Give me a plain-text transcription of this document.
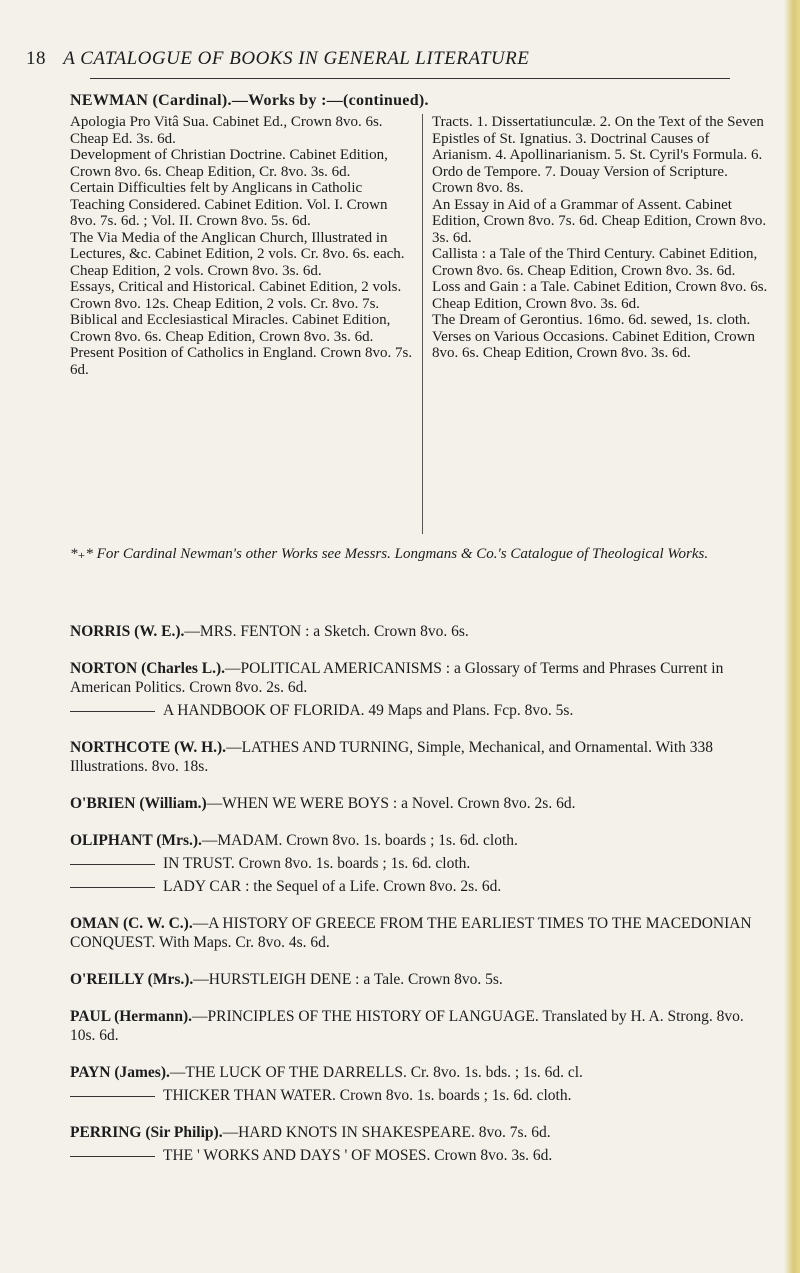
18 A CATALOGUE OF BOOKS IN GENERAL LITERATURE
NEWMAN (Cardinal).—Works by :—(continued).

Apologia Pro Vitâ Sua. Cabinet Ed., Crown 8vo. 6s. Cheap Ed. 3s. 6d.

Development of Christian Doctrine. Cabinet Edition, Crown 8vo. 6s. Cheap Edition, Cr. 8vo. 3s. 6d.

Certain Difficulties felt by Anglicans in Catholic Teaching Considered. Cabinet Edition. Vol. I. Crown 8vo. 7s. 6d. ; Vol. II. Crown 8vo. 5s. 6d.

The Via Media of the Anglican Church, Illustrated in Lectures, &c. Cabinet Edition, 2 vols. Cr. 8vo. 6s. each. Cheap Edition, 2 vols. Crown 8vo. 3s. 6d.

Essays, Critical and Historical. Cabinet Edition, 2 vols. Crown 8vo. 12s. Cheap Edition, 2 vols. Cr. 8vo. 7s.

Biblical and Ecclesiastical Miracles. Cabinet Edition, Crown 8vo. 6s. Cheap Edition, Crown 8vo. 3s. 6d.

Present Position of Catholics in England. Crown 8vo. 7s. 6d.

Tracts. 1. Dissertatiunculæ. 2. On the Text of the Seven Epistles of St. Ignatius. 3. Doctrinal Causes of Arianism. 4. Apollinarianism. 5. St. Cyril's Formula. 6. Ordo de Tempore. 7. Douay Version of Scripture. Crown 8vo. 8s.

An Essay in Aid of a Grammar of Assent. Cabinet Edition, Crown 8vo. 7s. 6d. Cheap Edition, Crown 8vo. 3s. 6d.

Callista : a Tale of the Third Century. Cabinet Edition, Crown 8vo. 6s. Cheap Edition, Crown 8vo. 3s. 6d.

Loss and Gain : a Tale. Cabinet Edition, Crown 8vo. 6s. Cheap Edition, Crown 8vo. 3s. 6d.

The Dream of Gerontius. 16mo. 6d. sewed, 1s. cloth.

Verses on Various Occasions. Cabinet Edition, Crown 8vo. 6s. Cheap Edition, Crown 8vo. 3s. 6d.

*₊* For Cardinal Newman's other Works see Messrs. Longmans & Co.'s Catalogue of Theological Works.

NORRIS (W. E.).—MRS. FENTON : a Sketch. Crown 8vo. 6s.

NORTON (Charles L.).—POLITICAL AMERICANISMS : a Glossary of Terms and Phrases Current in American Politics. Crown 8vo. 2s. 6d.

A HANDBOOK OF FLORIDA. 49 Maps and Plans. Fcp. 8vo. 5s.

NORTHCOTE (W. H.).—LATHES AND TURNING, Simple, Mechanical, and Ornamental. With 338 Illustrations. 8vo. 18s.

O'BRIEN (William.)—WHEN WE WERE BOYS : a Novel. Crown 8vo. 2s. 6d.

OLIPHANT (Mrs.).—MADAM. Crown 8vo. 1s. boards ; 1s. 6d. cloth.

IN TRUST. Crown 8vo. 1s. boards ; 1s. 6d. cloth.

LADY CAR : the Sequel of a Life. Crown 8vo. 2s. 6d.

OMAN (C. W. C.).—A HISTORY OF GREECE FROM THE EARLIEST TIMES TO THE MACEDONIAN CONQUEST. With Maps. Cr. 8vo. 4s. 6d.

O'REILLY (Mrs.).—HURSTLEIGH DENE : a Tale. Crown 8vo. 5s.

PAUL (Hermann).—PRINCIPLES OF THE HISTORY OF LANGUAGE. Translated by H. A. Strong. 8vo. 10s. 6d.

PAYN (James).—THE LUCK OF THE DARRELLS. Cr. 8vo. 1s. bds. ; 1s. 6d. cl.

THICKER THAN WATER. Crown 8vo. 1s. boards ; 1s. 6d. cloth.

PERRING (Sir Philip).—HARD KNOTS IN SHAKESPEARE. 8vo. 7s. 6d.

THE ' WORKS AND DAYS ' OF MOSES. Crown 8vo. 3s. 6d.
